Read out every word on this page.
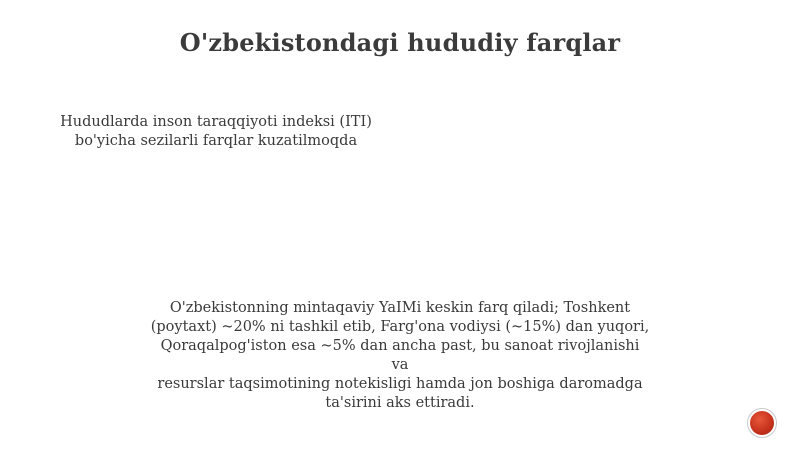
O'zbekistondagi hududiy farqlar
Hududlarda inson taraqqiyoti indeksi (ITI)
bo'yicha sezilarli farqlar kuzatilmoqda
O'zbekistonning mintaqaviy YaIMi keskin farq qiladi; Toshkent
(poytaxt) ~20% ni tashkil etib, Farg'ona vodiysi (~15%) dan yuqori,
Qoraqalpog'iston esa ~5% dan ancha past, bu sanoat rivojlanishi va
resurslar taqsimotining notekisligi hamda jon boshiga daromadga
ta'sirini aks ettiradi.
